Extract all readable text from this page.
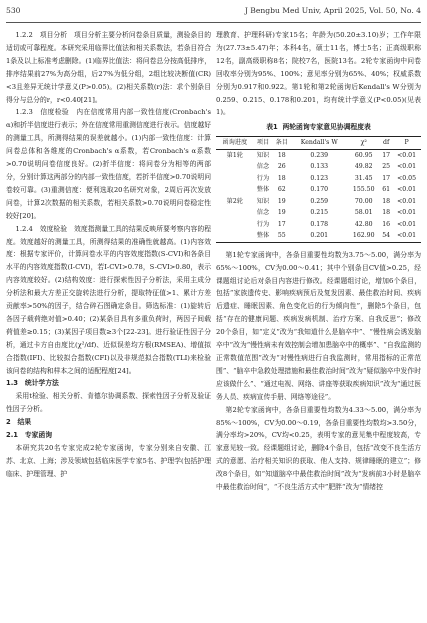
530	J Bengbu Med Univ, April 2025, Vol. 50, No. 4

1.2.2　项目分析　项目分析主要分析问卷条目质量，测验条目的适切或可靠程度。本研究采用临界比值法和相关系数法，若条目符合1条及以上标准考虑删除。(1)临界比值法：将问卷总分按高低排序，排序结果前27%为高分组，后27%为低分组，2组比较决断值(CR)<3且差异无统计学意义(P>0.05)。(2)相关系数(r)法：求个别条目得分与总分的r，r<0.40[21]。

1.2.3　信度检验　内在信度常用内部一致性信度(Cronbach's α)和折半信度进行表示；外在信度常用重测信度进行表示。信度越好的测量工具，所测得结果的误差就越小。(1)内部一致性信度：计算问卷总体和各维度的Cronbach's α系数，若Cronbach's α系数>0.70说明问卷信度良好。(2)折半信度：将问卷分为相等的两部分，分别计算这两部分的内部一致性信度，若折半信度>0.70说明问卷较可靠。(3)重测信度：便利选取20名研究对象，2周后再次发放问卷，计算2次数据的相关系数，若相关系数>0.70说明问卷稳定性较好[20]。

1.2.4　效度检验　效度指测量工具的结果反映所要考察内容的程度。效度越好的测量工具，所测得结果的准确性就越高。(1)内容效度：根据专家评价，计算问卷水平的内容效度指数(S-CVI)和各条目水平的内容效度指数(I-CVI)，若I-CVI>0.78，S-CVI>0.80，表示内容效度较好。(2)结构效度：进行探索性因子分析法，采用主成分分析法和最大方差正交旋转法进行分析，提取特征值>1、累计方差贡献率>50%的因子，结合碎石图确定条目。筛选标准：(1)旋转后各因子载荷绝对值>0.40；(2)某条目具有多重负荷时，两因子间载荷值差≥0.15；(3)某因子项目数≥3个[22-23]。进行验证性因子分析，通过卡方自由度比(χ²/df)、近似误差均方根(RMSEA)、增值拟合指数(IFI)、比较拟合指数(CFI)以及非规范拟合指数(TLI)来检验该问卷的结构和样本之间的适配程度[24]。

1.3　统计学方法

采用t检验、相关分析、肯德尔协调系数、探索性因子分析及验证性因子分析。

2　结果

2.1　专家函询

本研究共20名专家完成2轮专家函询，专家分别来自安徽、江苏、北京、上海；涉及领域包括临床医学专家5名、护理学(包括护理临床、护理管理、护

理教育、护理科研)专家15名；年龄为(50.20±3.10)岁；工作年限为(27.73±5.47)年；本科4名，硕士11名，博士5名；正高级职称12名，副高级职称8名；院校7名，医院13名。2轮专家函询中问卷回收率分别为95%、100%；意见率分别为65%、40%；权威系数分别为0.917和0.922。第1轮和第2轮函询后Kendall's W分别为0.259、0.215、0.178和0.201，均有统计学意义(P<0.05)(见表1)。

表1 两轮函询专家意见协调程度表
函询进度	项目	条目	Kendall's W	χ²	df	P
第1轮	知识	18	0.239	60.95	17	<0.01
	信念	26	0.133	49.82	25	<0.01
	行为	18	0.123	31.45	17	<0.05
	整体	62	0.170	155.50	61	<0.01
第2轮	知识	19	0.259	70.00	18	<0.01
	信念	19	0.215	58.01	18	<0.01
	行为	17	0.178	42.80	16	<0.01
	整体	55	0.201	162.90	54	<0.01

第1轮专家函询中，各条目重要性均数为3.75～5.00，满分率为65%～100%，CV为0.00～0.41；其中个别条目CV值>0.25，经课题组讨论后对条目内容进行修改。经课题组讨论，增加6个条目，包括“家族遗传史、影响疾病预后及复发因素、最佳救治时间、疾病后遗症、睡眠因素、角色变化后的行为倾向性”，删除5个条目，包括“存在的健康问题、疾病发病机制、治疗方案、自我反思”；修改20个条目，如“定义”改为“我知道什么是脑卒中”、“慢性病会诱发脑卒中”改为“慢性病未有效控制会增加患脑卒中的概率”、“自我监测的正常数值范围”改为“对慢性病进行自我监测时，常用指标的正常范围”、“脑卒中急救处理措施和最佳救治时间”改为“疑似脑卒中发作时应该做什么”、“通过电视、网络、讲座等获取疾病知识”改为“通过医务人员、疾病宣传手册、网络等途径”。

第2轮专家函询中，各条目重要性均数为4.33～5.00，满分率为85%～100%，CV为0.00～0.19，各条目重要性均数均>3.50分，满分率均>20%，CV均<0.25，表明专家的意见集中程度较高，专家意见较一致。经课题组讨论，删除4个条目，包括“改变不良生活方式的意愿、治疗相关知识的获取、他人支持、规律睡眠的建立”；修改8个条目，如“知道脑卒中最佳救治时间”改为“发病前3小时是脑卒中最佳救治时间”，“不良生活方式中”肥胖“改为“情绪控
